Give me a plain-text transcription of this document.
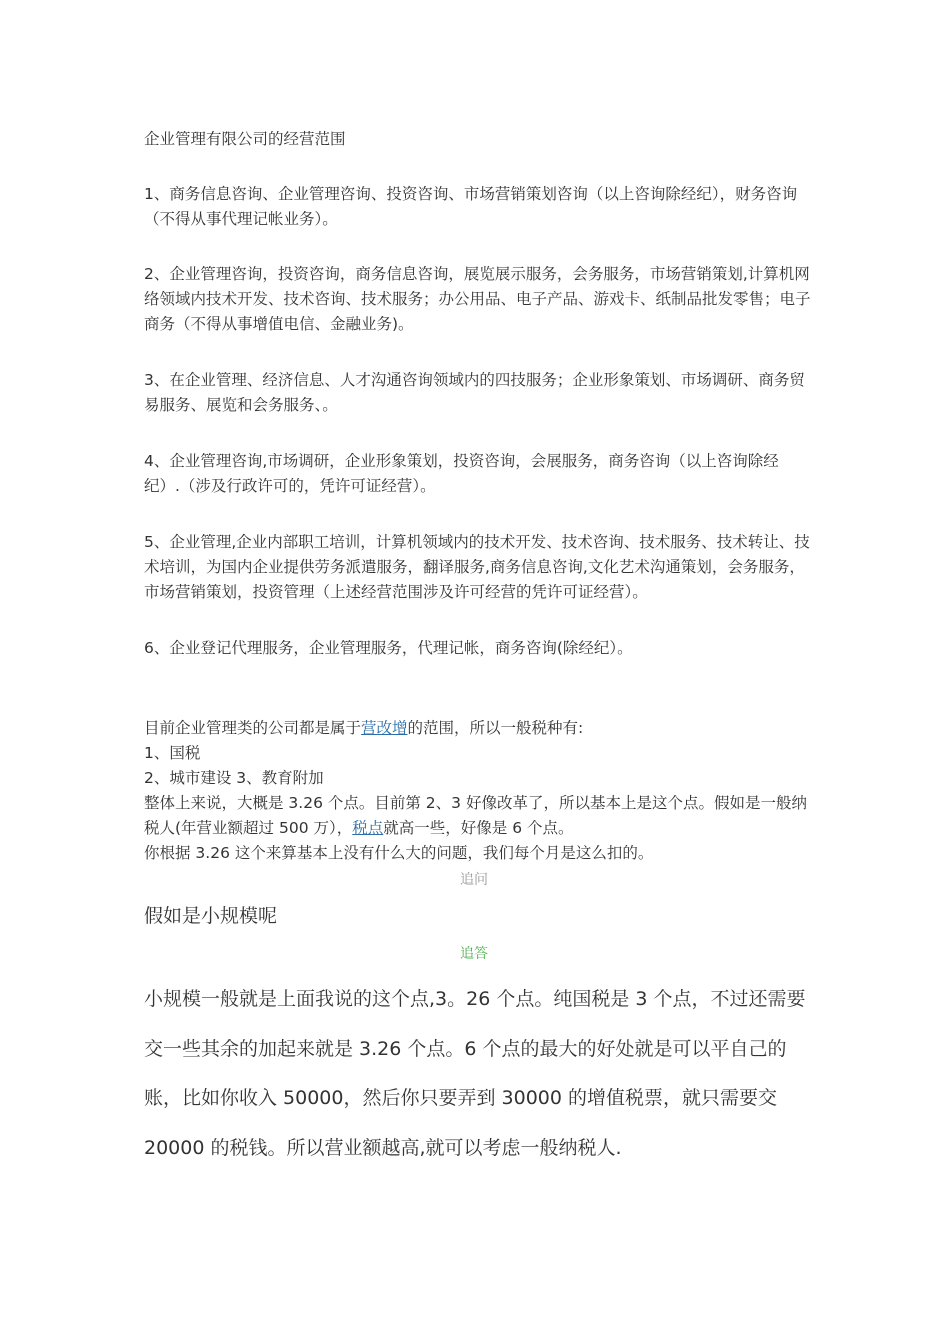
企业管理有限公司的经营范围

1、商务信息咨询、企业管理咨询、投资咨询、市场营销策划咨询（以上咨询除经纪），财务咨询（不得从事代理记帐业务）。

2、企业管理咨询，投资咨询，商务信息咨询，展览展示服务，会务服务，市场营销策划,计算机网络领域内技术开发、技术咨询、技术服务；办公用品、电子产品、游戏卡、纸制品批发零售；电子商务（不得从事增值电信、金融业务)。

3、在企业管理、经济信息、人才沟通咨询领域内的四技服务；企业形象策划、市场调研、商务贸易服务、展览和会务服务、。

4、企业管理咨询,市场调研，企业形象策划，投资咨询，会展服务，商务咨询（以上咨询除经纪）.（涉及行政许可的，凭许可证经营）。

5、企业管理,企业内部职工培训，计算机领域内的技术开发、技术咨询、技术服务、技术转让、技术培训，为国内企业提供劳务派遣服务，翻译服务,商务信息咨询,文化艺术沟通策划，会务服务，市场营销策划，投资管理（上述经营范围涉及许可经营的凭许可证经营）。

6、企业登记代理服务，企业管理服务，代理记帐，商务咨询(除经纪）。

目前企业管理类的公司都是属于营改增的范围，所以一般税种有:

1、国税

2、城市建设 3、教育附加

整体上来说，大概是 3.26 个点。目前第 2、3 好像改革了，所以基本上是这个点。假如是一般纳税人(年营业额超过 500 万），税点就高一些，好像是 6 个点。

你根据 3.26 这个来算基本上没有什么大的问题，我们每个月是这么扣的。

追问

假如是小规模呢

追答

小规模一般就是上面我说的这个点,3。26 个点。纯国税是 3 个点，不过还需要交一些其余的加起来就是 3.26 个点。6 个点的最大的好处就是可以平自己的账，比如你收入 50000，然后你只要弄到 30000 的增值税票，就只需要交 20000 的税钱。所以营业额越高,就可以考虑一般纳税人.
